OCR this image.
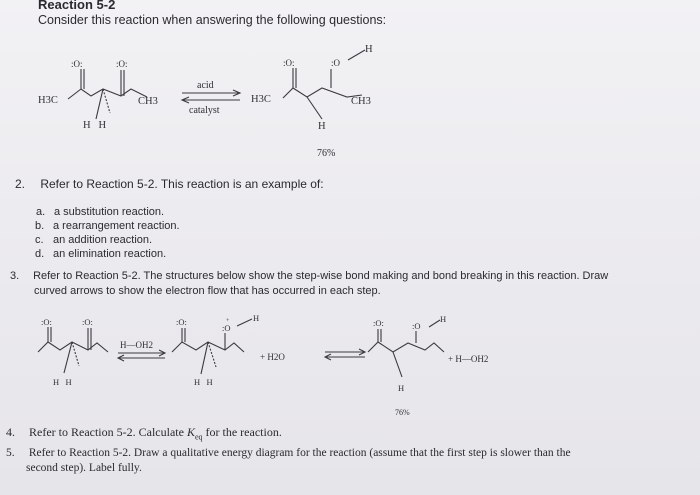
Reaction 5-2
Consider this reaction when answering the following questions:
H3C	CH3
:O:	:O:
H   H
acid
catalyst
H3C	CH3
:O:	:O
H
H
76%
2. Refer to Reaction 5-2. This reaction is an example of:
a. a substitution reaction.
b. a rearrangement reaction.
c. an addition reaction.
d. an elimination reaction.
3. Refer to Reaction 5-2. The structures below show the step-wise bond making and bond breaking in this reaction. Draw
curved arrows to show the electron flow that has occurred in each step.
:O:	:O:
H   H
H—OH2
:O:
:O
+	H
H   H
+ H2O
:O:	:O
H
H
+ H—OH2
76%
4. Refer to Reaction 5-2. Calculate $K_{eq}$ for the reaction.
5. Refer to Reaction 5-2. Draw a qualitative energy diagram for the reaction (assume that the first step is slower than the
second step). Label fully.
